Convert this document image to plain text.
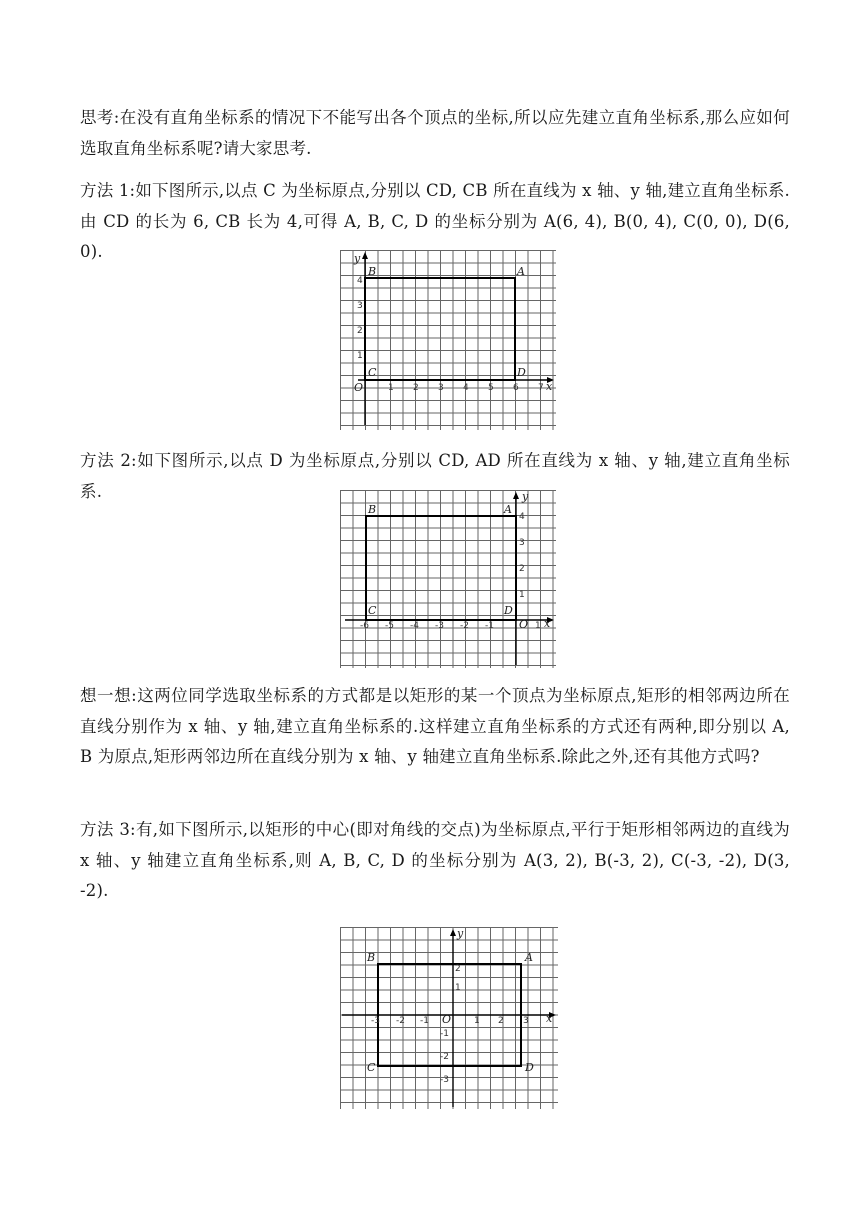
思考:在没有直角坐标系的情况下不能写出各个顶点的坐标,所以应先建立直角坐标系,那么应如何选取直角坐标系呢?请大家思考.

方法 1:如下图所示,以点 C 为坐标原点,分别以 CD, CB 所在直线为 x 轴、y 轴,建立直角坐标系.由 CD 的长为 6, CB 长为 4,可得 A, B, C, D 的坐标分别为 A(6, 4), B(0, 4), C(0, 0), D(6, 0).	y
x
O
B	A
C	D
1 2 3 4 5 6 7
1
2
3
4

方法 2:如下图所示,以点 D 为坐标原点,分别以 CD, AD 所在直线为 x 轴、y 轴,建立直角坐标系.	y
x
O
B	A
C	D
-6 -5 -4 -3 -2 -1	1
1
2
3
4

想一想:这两位同学选取坐标系的方式都是以矩形的某一个顶点为坐标原点,矩形的相邻两边所在直线分别作为 x 轴、y 轴,建立直角坐标系的.这样建立直角坐标系的方式还有两种,即分别以 A, B 为原点,矩形两邻边所在直线分别为 x 轴、y 轴建立直角坐标系.除此之外,还有其他方式吗?

方法 3:有,如下图所示,以矩形的中心(即对角线的交点)为坐标原点,平行于矩形相邻两边的直线为 x 轴、y 轴建立直角坐标系,则 A, B, C, D 的坐标分别为 A(3, 2), B(-3, 2), C(-3, -2), D(3, -2).

y
x
O
B	A
C	D
-3 -2 -1	1 2 3
2
1
-1
-2
-3
